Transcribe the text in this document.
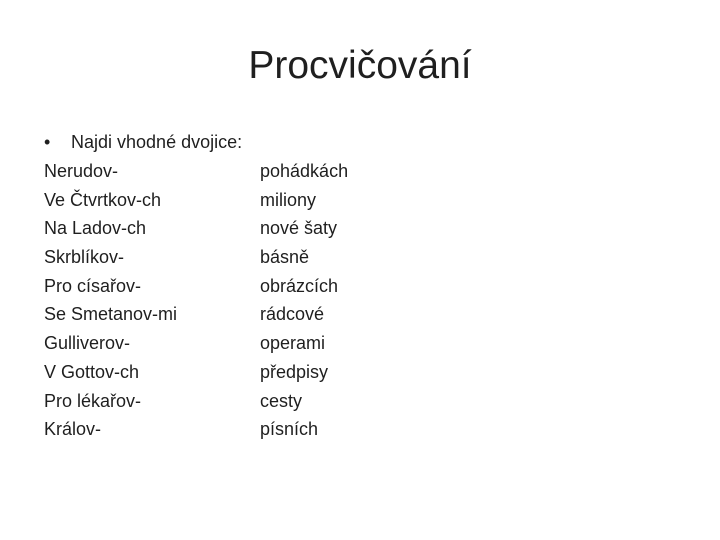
Procvičování
• Najdi vhodné dvojice:
Nerudov-
Ve Čtvrtkov-ch
Na Ladov-ch
Skrblíkov-
Pro císařov-
Se Smetanov-mi
Gulliverov-
V Gottov-ch
Pro lékařov-
Králov-
pohádkách
miliony
nové šaty
básně
obrázcích
rádcové
operami
předpisy
cesty
písních
